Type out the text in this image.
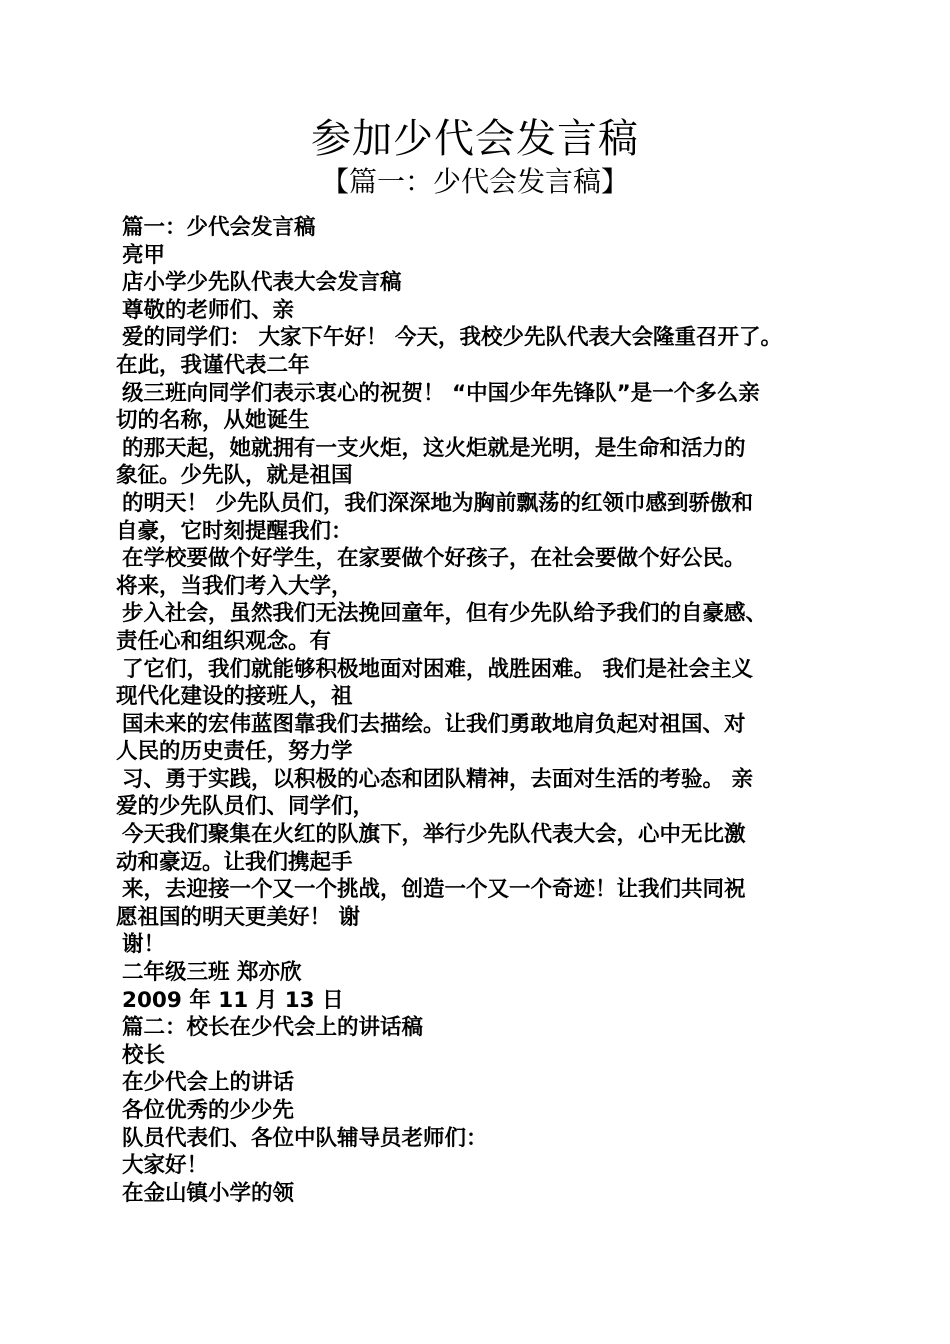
参加少代会发言稿
【篇一：少代会发言稿】
篇一：少代会发言稿
亮甲
店小学少先队代表大会发言稿
尊敬的老师们、亲
爱的同学们： 大家下午好！ 今天，我校少先队代表大会隆重召开了。
在此，我谨代表二年
级三班向同学们表示衷心的祝贺！ “中国少年先锋队”是一个多么亲
切的名称，从她诞生
的那天起，她就拥有一支火炬，这火炬就是光明，是生命和活力的
象征。少先队，就是祖国
的明天！ 少先队员们，我们深深地为胸前飘荡的红领巾感到骄傲和
自豪，它时刻提醒我们：
在学校要做个好学生，在家要做个好孩子，在社会要做个好公民。
将来，当我们考入大学，
步入社会，虽然我们无法挽回童年，但有少先队给予我们的自豪感、
责任心和组织观念。有
了它们，我们就能够积极地面对困难，战胜困难。 我们是社会主义
现代化建设的接班人，祖
国未来的宏伟蓝图靠我们去描绘。让我们勇敢地肩负起对祖国、对
人民的历史责任，努力学
习、勇于实践，以积极的心态和团队精神，去面对生活的考验。 亲
爱的少先队员们、同学们，
今天我们聚集在火红的队旗下，举行少先队代表大会，心中无比激
动和豪迈。让我们携起手
来，去迎接一个又一个挑战，创造一个又一个奇迹！让我们共同祝
愿祖国的明天更美好！ 谢
谢！
二年级三班 郑亦欣
2009 年 11 月 13 日
篇二：校长在少代会上的讲话稿
校长
在少代会上的讲话
各位优秀的少少先
队员代表们、各位中队辅导员老师们：
大家好！
在金山镇小学的领
